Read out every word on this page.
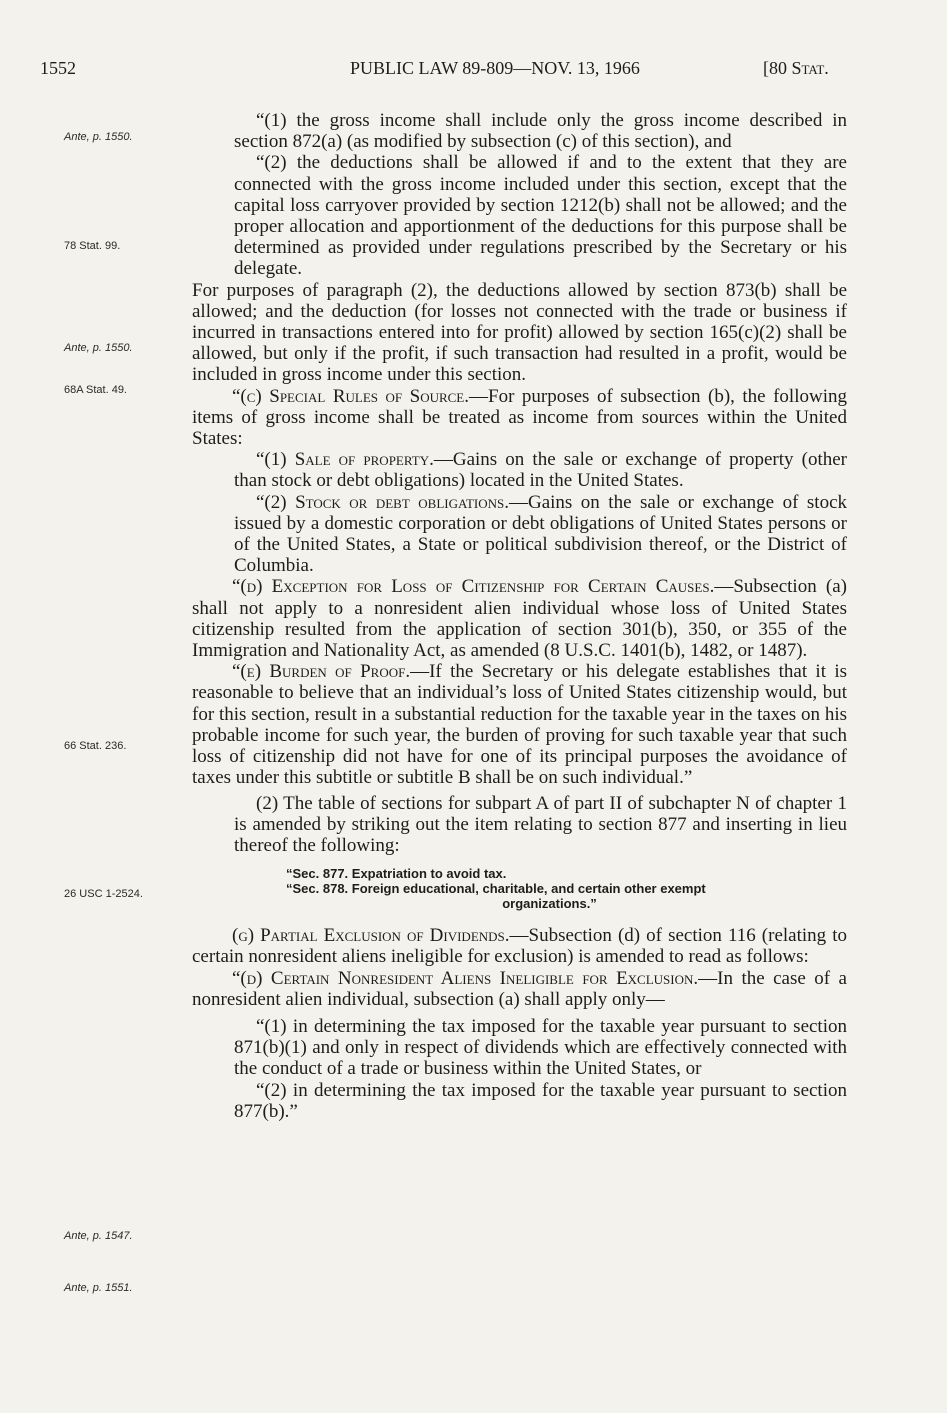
1552	PUBLIC LAW 89-809—NOV. 13, 1966	[80 Stat.
Ante, p. 1550.
78 Stat. 99.
Ante, p. 1550.
68A Stat. 49.
66 Stat. 236.
26 USC 1-2524.
Ante, p. 1547.
Ante, p. 1551.

“(1) the gross income shall include only the gross income described in section 872(a) (as modified by subsection (c) of this section), and

“(2) the deductions shall be allowed if and to the extent that they are connected with the gross income included under this section, except that the capital loss carryover provided by section 1212(b) shall not be allowed; and the proper allocation and apportionment of the deductions for this purpose shall be determined as provided under regulations prescribed by the Secretary or his delegate.

For purposes of paragraph (2), the deductions allowed by section 873(b) shall be allowed; and the deduction (for losses not connected with the trade or business if incurred in transactions entered into for profit) allowed by section 165(c)(2) shall be allowed, but only if the profit, if such transaction had resulted in a profit, would be included in gross income under this section.

“(c) Special Rules of Source.—For purposes of subsection (b), the following items of gross income shall be treated as income from sources within the United States:

“(1) Sale of property.—Gains on the sale or exchange of property (other than stock or debt obligations) located in the United States.

“(2) Stock or debt obligations.—Gains on the sale or exchange of stock issued by a domestic corporation or debt obligations of United States persons or of the United States, a State or political subdivision thereof, or the District of Columbia.

“(d) Exception for Loss of Citizenship for Certain Causes.—Subsection (a) shall not apply to a nonresident alien individual whose loss of United States citizenship resulted from the application of section 301(b), 350, or 355 of the Immigration and Nationality Act, as amended (8 U.S.C. 1401(b), 1482, or 1487).

“(e) Burden of Proof.—If the Secretary or his delegate establishes that it is reasonable to believe that an individual’s loss of United States citizenship would, but for this section, result in a substantial reduction for the taxable year in the taxes on his probable income for such year, the burden of proving for such taxable year that such loss of citizenship did not have for one of its principal purposes the avoidance of taxes under this subtitle or subtitle B shall be on such individual.”

(2) The table of sections for subpart A of part II of subchapter N of chapter 1 is amended by striking out the item relating to section 877 and inserting in lieu thereof the following:

“Sec. 877. Expatriation to avoid tax.
“Sec. 878. Foreign educational, charitable, and certain other exempt
organizations.”

(g) Partial Exclusion of Dividends.—Subsection (d) of section 116 (relating to certain nonresident aliens ineligible for exclusion) is amended to read as follows:

“(d) Certain Nonresident Aliens Ineligible for Exclusion.—In the case of a nonresident alien individual, subsection (a) shall apply only—

“(1) in determining the tax imposed for the taxable year pursuant to section 871(b)(1) and only in respect of dividends which are effectively connected with the conduct of a trade or business within the United States, or

“(2) in determining the tax imposed for the taxable year pursuant to section 877(b).”
